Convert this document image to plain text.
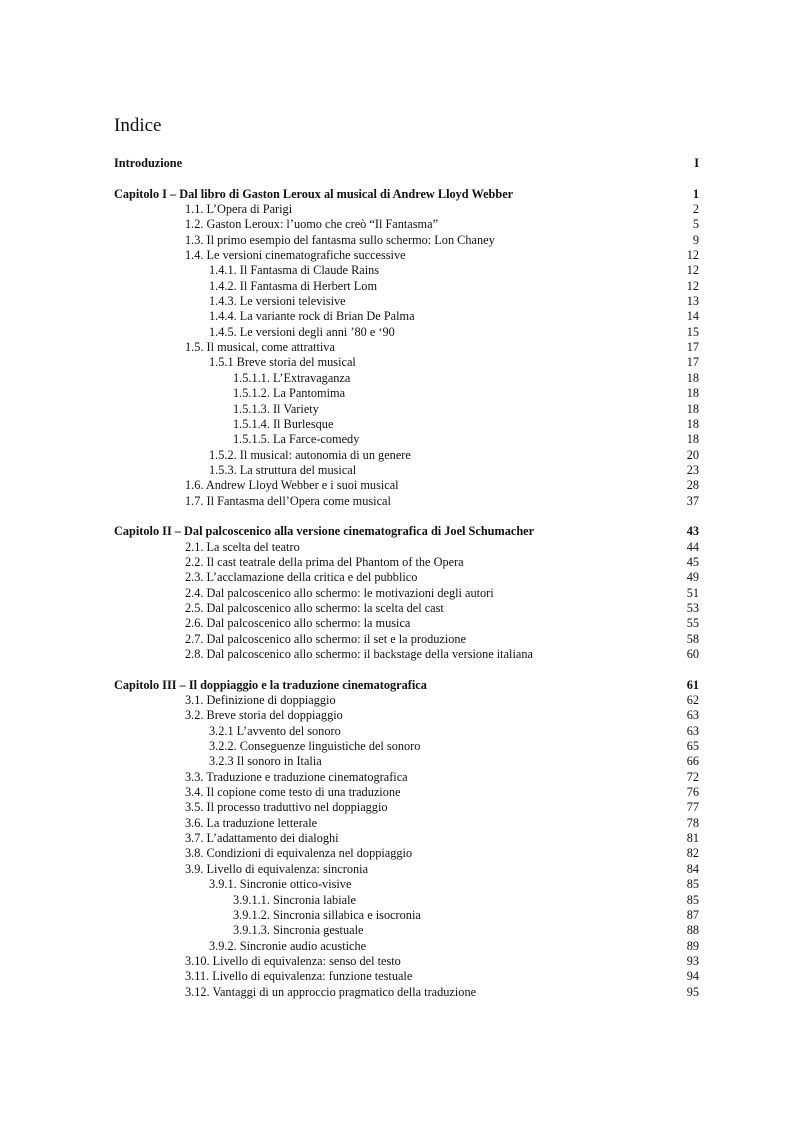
Indice
Introduzione	I
Capitolo I – Dal libro di Gaston Leroux al musical di Andrew Lloyd Webber	1
1.1. L’Opera di Parigi	2
1.2. Gaston Leroux: l’uomo che creò “Il Fantasma”	5
1.3. Il primo esempio del fantasma sullo schermo: Lon Chaney	9
1.4. Le versioni cinematografiche successive	12
1.4.1. Il Fantasma di Claude Rains	12
1.4.2. Il Fantasma di Herbert Lom	12
1.4.3. Le versioni televisive	13
1.4.4. La variante rock di Brian De Palma	14
1.4.5. Le versioni degli anni ’80 e ‘90	15
1.5. Il musical, come attrattiva	17
1.5.1 Breve storia del musical	17
1.5.1.1. L’Extravaganza	18
1.5.1.2. La Pantomima	18
1.5.1.3. Il Variety	18
1.5.1.4. Il Burlesque	18
1.5.1.5. La Farce-comedy	18
1.5.2. Il musical: autonomia di un genere	20
1.5.3. La struttura del musical	23
1.6. Andrew Lloyd Webber e i suoi musical	28
1.7. Il Fantasma dell’Opera come musical	37
Capitolo II – Dal palcoscenico alla versione cinematografica di Joel Schumacher	43
2.1. La scelta del teatro	44
2.2. Il cast teatrale della prima del Phantom of the Opera	45
2.3. L’acclamazione della critica e del pubblico	49
2.4. Dal palcoscenico allo schermo: le motivazioni degli autori	51
2.5. Dal palcoscenico allo schermo: la scelta del cast	53
2.6. Dal palcoscenico allo schermo: la musica	55
2.7. Dal palcoscenico allo schermo: il set e la produzione	58
2.8. Dal palcoscenico allo schermo: il backstage della versione italiana	60
Capitolo III – Il doppiaggio e la traduzione cinematografica	61
3.1. Definizione di doppiaggio	62
3.2. Breve storia del doppiaggio	63
3.2.1 L’avvento del sonoro	63
3.2.2. Conseguenze linguistiche del sonoro	65
3.2.3 Il sonoro in Italia	66
3.3. Traduzione e traduzione cinematografica	72
3.4. Il copione come testo di una traduzione	76
3.5. Il processo traduttivo nel doppiaggio	77
3.6. La traduzione letterale	78
3.7. L’adattamento dei dialoghi	81
3.8. Condizioni di equivalenza nel doppiaggio	82
3.9. Livello di equivalenza: sincronia	84
3.9.1. Sincronie ottico-visive	85
3.9.1.1. Sincronia labiale	85
3.9.1.2. Sincronia sillabica e isocronia	87
3.9.1.3. Sincronia gestuale	88
3.9.2. Sincronie audio acustiche	89
3.10. Livello di equivalenza: senso del testo	93
3.11. Livello di equivalenza: funzione testuale	94
3.12. Vantaggi di un approccio pragmatico della traduzione	95
